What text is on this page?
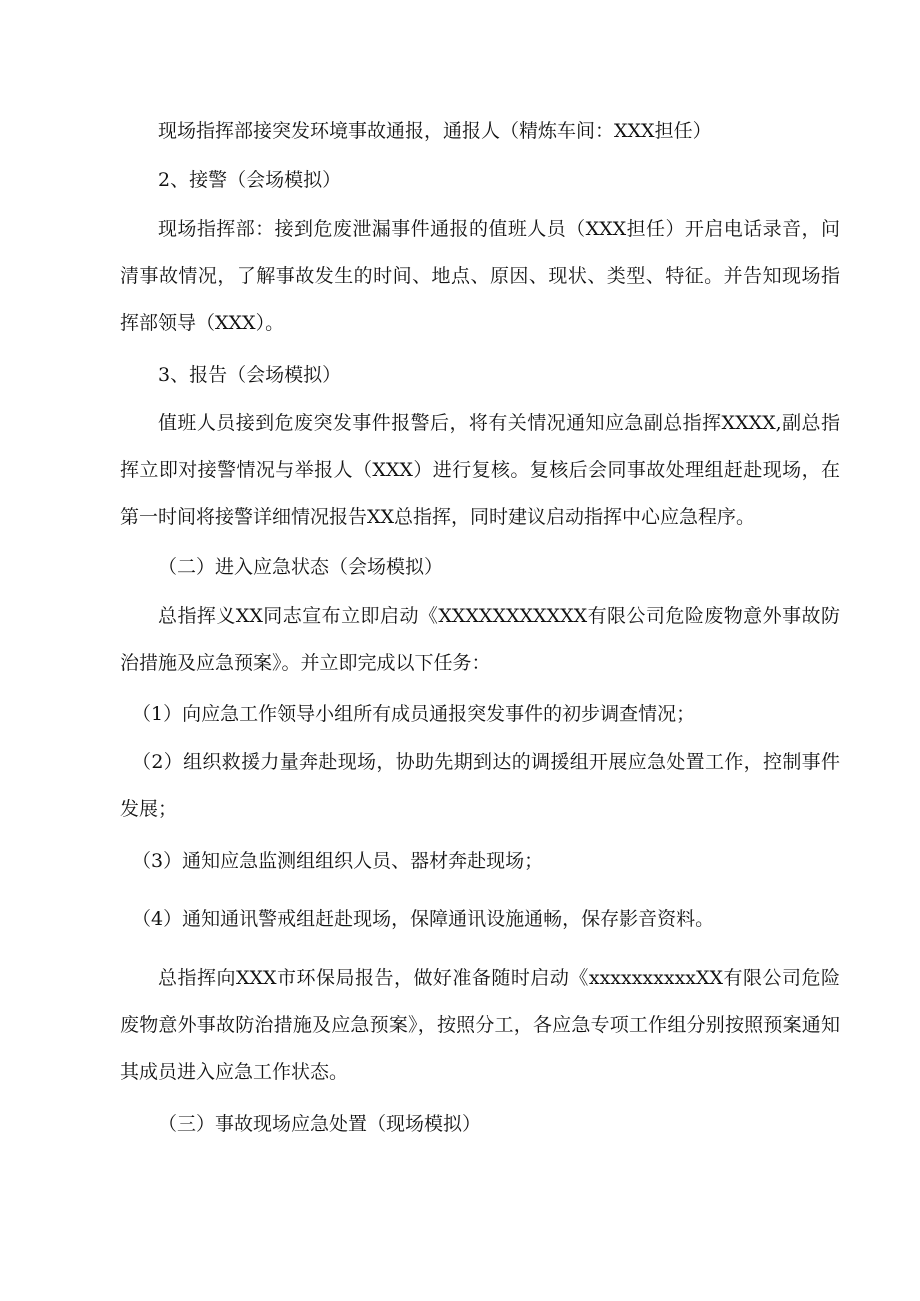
现场指挥部接突发环境事故通报，通报人（精炼车间：XXX担任）

2、接警（会场模拟）

现场指挥部：接到危废泄漏事件通报的值班人员（XXX担任）开启电话录音，问清事故情况，了解事故发生的时间、地点、原因、现状、类型、特征。并告知现场指挥部领导（XXX）。

3、报告（会场模拟）

值班人员接到危废突发事件报警后，将有关情况通知应急副总指挥XXXX,副总指挥立即对接警情况与举报人（XXX）进行复核。复核后会同事故处理组赶赴现场，在第一时间将接警详细情况报告XX总指挥，同时建议启动指挥中心应急程序。

（二）进入应急状态（会场模拟）

总指挥义XX同志宣布立即启动《XXXXXXXXXXX有限公司危险废物意外事故防治措施及应急预案》。并立即完成以下任务：

（1）向应急工作领导小组所有成员通报突发事件的初步调查情况；

（2）组织救援力量奔赴现场，协助先期到达的调援组开展应急处置工作，控制事件发展；

（3）通知应急监测组组织人员、器材奔赴现场；

（4）通知通讯警戒组赶赴现场，保障通讯设施通畅，保存影音资料。

总指挥向XXX市环保局报告，做好准备随时启动《xxxxxxxxxxXX有限公司危险废物意外事故防治措施及应急预案》，按照分工，各应急专项工作组分别按照预案通知其成员进入应急工作状态。

（三）事故现场应急处置（现场模拟）
